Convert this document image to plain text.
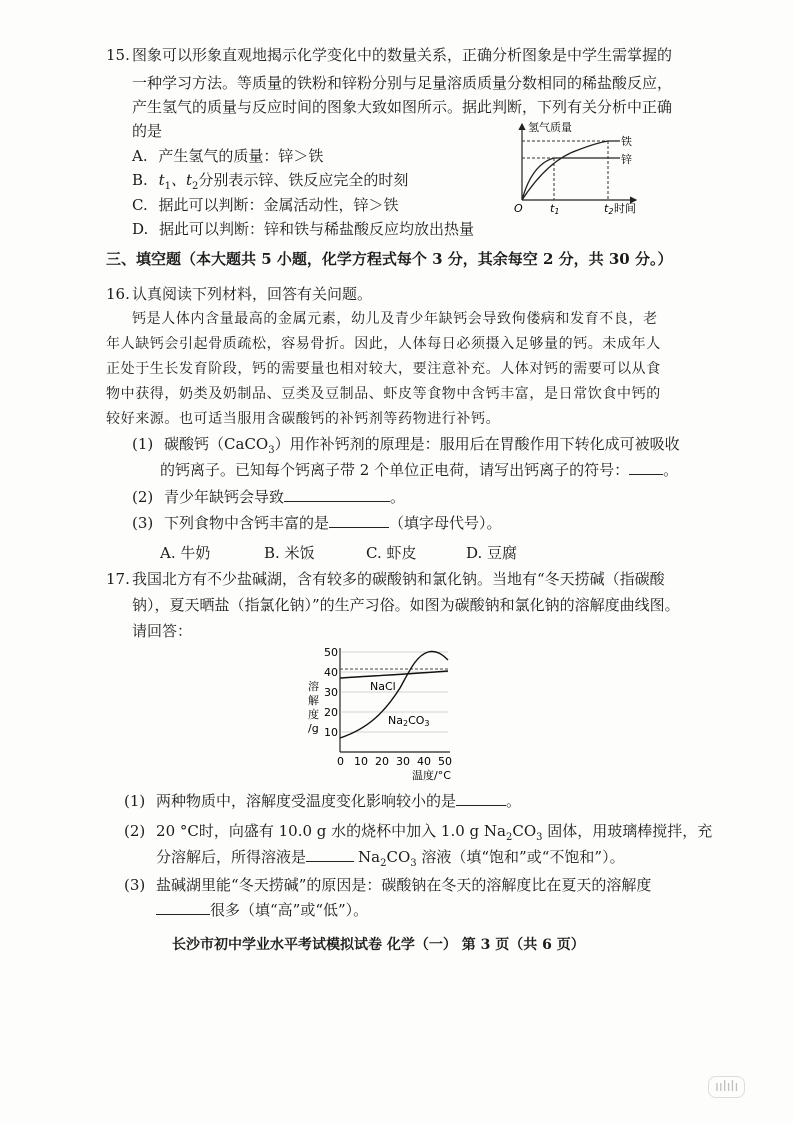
15. 图象可以形象直观地揭示化学变化中的数量关系，正确分析图象是中学生需掌握的
一种学习方法。等质量的铁粉和锌粉分别与足量溶质质量分数相同的稀盐酸反应，
产生氢气的质量与反应时间的图象大致如图所示。据此判断，下列有关分析中正确
的是
A. 产生氢气的质量：锌＞铁
B. $t_1$、$t_2$分别表示锌、铁反应完全的时刻
C. 据此可以判断：金属活动性，锌＞铁
D. 据此可以判断：锌和铁与稀盐酸反应均放出热量
氢气质量
铁
锌
O t1	t2 时间
三、填空题（本大题共 5 小题，化学方程式每个 3 分，其余每空 2 分，共 30 分。）
16. 认真阅读下列材料，回答有关问题。
钙是人体内含量最高的金属元素，幼儿及青少年缺钙会导致佝偻病和发育不良，老
年人缺钙会引起骨质疏松，容易骨折。因此，人体每日必须摄入足够量的钙。未成年人
正处于生长发育阶段，钙的需要量也相对较大，要注意补充。人体对钙的需要可以从食
物中获得，奶类及奶制品、豆类及豆制品、虾皮等食物中含钙丰富，是日常饮食中钙的
较好来源。也可适当服用含碳酸钙的补钙剂等药物进行补钙。
(1) 碳酸钙（CaCO$_3$）用作补钙剂的原理是：服用后在胃酸作用下转化成可被吸收
的钙离子。已知每个钙离子带 2 个单位正电荷，请写出钙离子的符号： 。
(2) 青少年缺钙会导致	。
(3) 下列食物中含钙丰富的是	（填字母代号）。
A. 牛奶	B. 米饭	C. 虾皮	D. 豆腐
17. 我国北方有不少盐碱湖，含有较多的碳酸钠和氯化钠。当地有“冬天捞碱（指碳酸
钠），夏天晒盐（指氯化钠）”的生产习俗。如图为碳酸钠和氯化钠的溶解度曲线图。
请回答：
10
20
30
40
50
0 10 20 30 40 50
温度/°C
溶
解
度
/g
NaCl
Na2CO3
(1) 两种物质中，溶解度受温度变化影响较小的是	。
(2) 20 °C时，向盛有 10.0 g 水的烧杯中加入 1.0 g $Na_2CO_3$ 固体，用玻璃棒搅拌，充
分溶解后，所得溶液是	$Na_2CO_3$ 溶液（填“饱和”或“不饱和”）。
(3) 盐碱湖里能“冬天捞碱”的原因是：碳酸钠在冬天的溶解度比在夏天的溶解度
很多（填“高”或“低”）。
长沙市初中学业水平考试模拟试卷 化学（一） 第 3 页（共 6 页）
ıılılı
